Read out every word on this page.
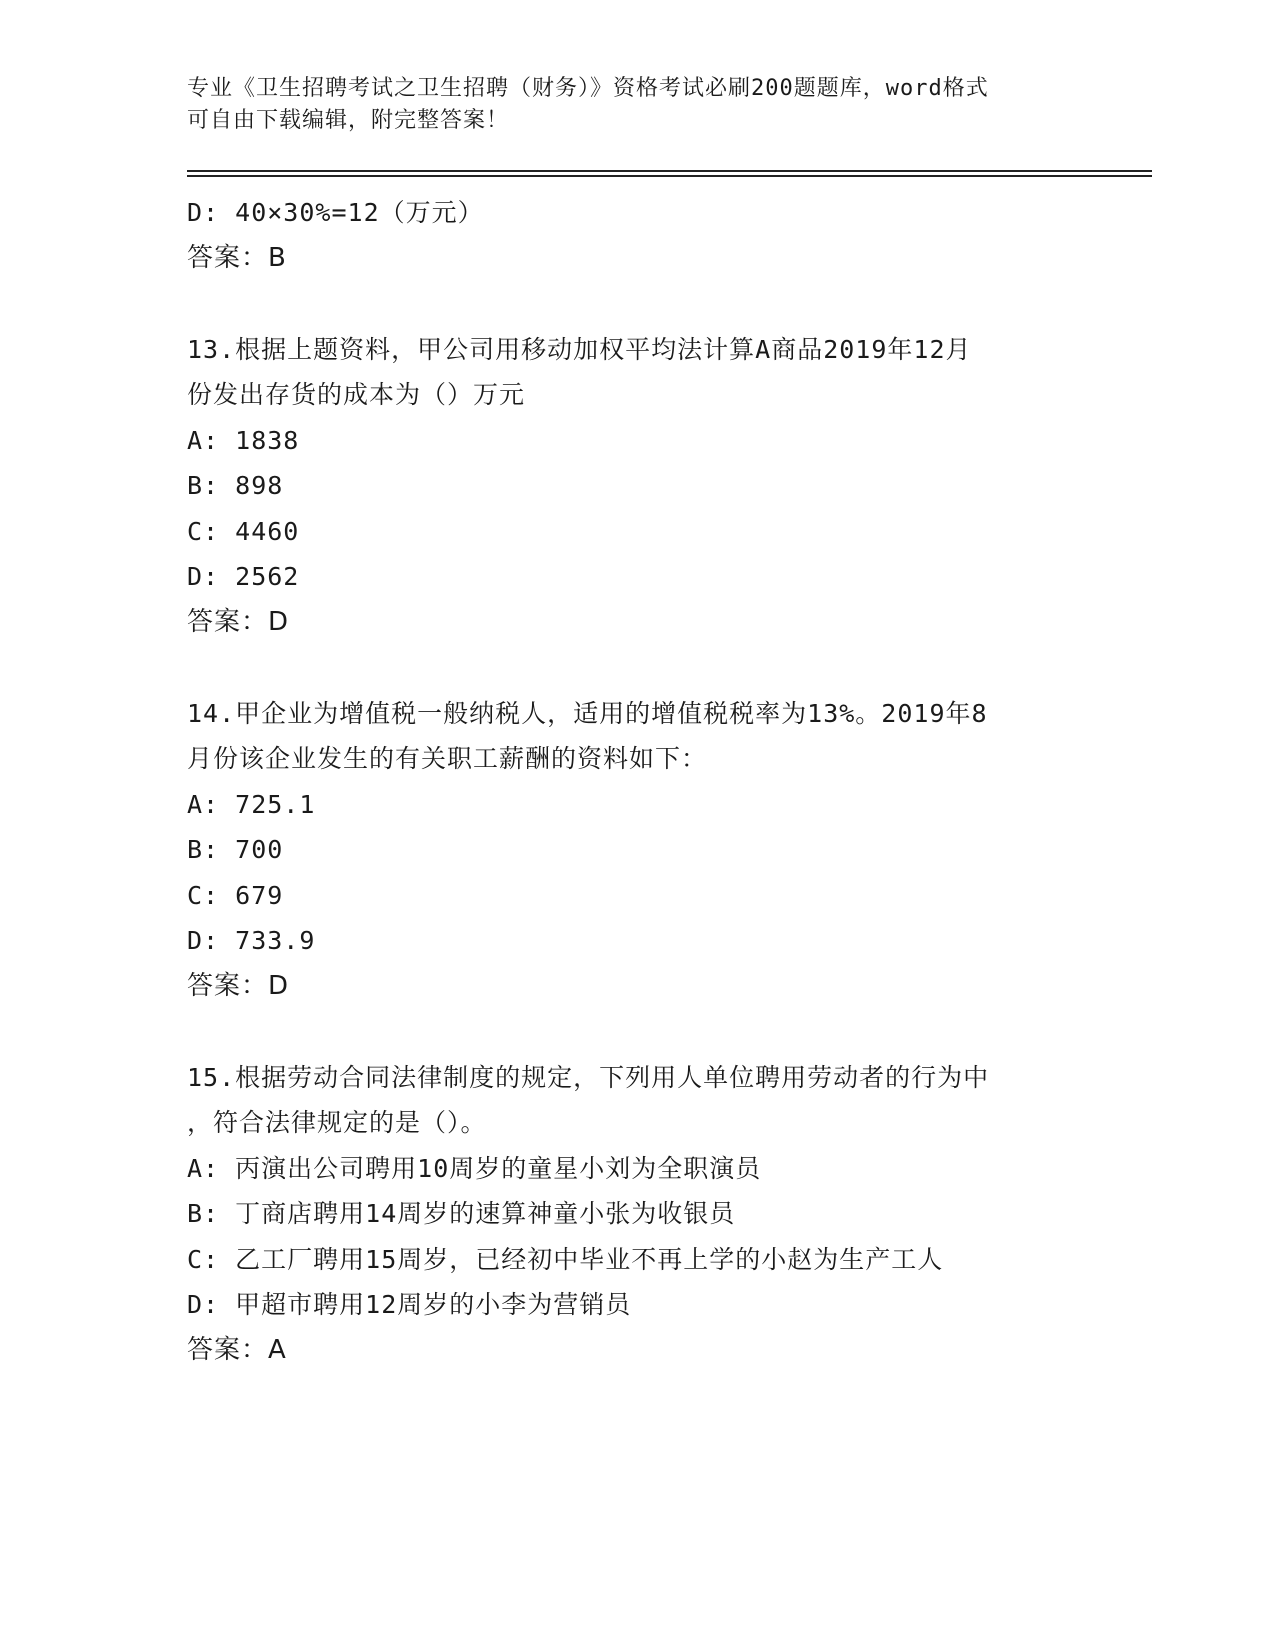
专业《卫生招聘考试之卫生招聘（财务）》资格考试必刷200题题库，word格式
可自由下载编辑，附完整答案！
D: 40×30%=12（万元）
答案：B
13.根据上题资料，甲公司用移动加权平均法计算A商品2019年12月
份发出存货的成本为（）万元
A: 1838
B: 898
C: 4460
D: 2562
答案：D
14.甲企业为增值税一般纳税人，适用的增值税税率为13%。2019年8
月份该企业发生的有关职工薪酬的资料如下：
A: 725.1
B: 700
C: 679
D: 733.9
答案：D
15.根据劳动合同法律制度的规定，下列用人单位聘用劳动者的行为中
，符合法律规定的是（）。
A: 丙演出公司聘用10周岁的童星小刘为全职演员
B: 丁商店聘用14周岁的速算神童小张为收银员
C: 乙工厂聘用15周岁，已经初中毕业不再上学的小赵为生产工人
D: 甲超市聘用12周岁的小李为营销员
答案：A
